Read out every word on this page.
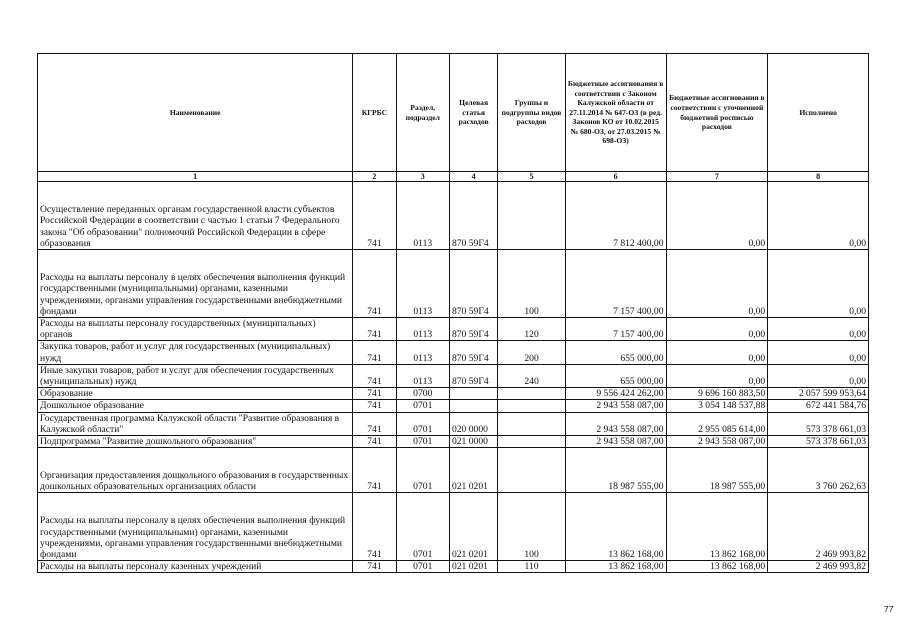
Наименование	КГРБС	Раздел, подраздел	Целевая статья расходов	Группы и подгруппы видов расходов	Бюджетные ассигнования в соответствии с Законом Калужской области от 27.11.2014 № 647-ОЗ (в ред. Законов КО от 10.02.2015 № 680-ОЗ, от 27.03.2015 № 698-ОЗ)	Бюджетные ассигнования в соответствии с уточненной бюджетной росписью расходов	Исполнено
1	2	3	4	5	6	7	8
Осуществление переданных органам государственной власти субъектов Российской Федерации в соответствии с частью 1 статьи 7 Федерального закона "Об образовании" полномочий Российской Федерации в сфере образования	741	0113	870 59Г4		7 812 400,00	0,00	0,00
Расходы на выплаты персоналу в целях обеспечения выполнения функций государственными (муниципальными) органами, казенными учреждениями, органами управления государственными внебюджетными фондами	741	0113	870 59Г4	100	7 157 400,00	0,00	0,00
Расходы на выплаты персоналу государственных (муниципальных) органов	741	0113	870 59Г4	120	7 157 400,00	0,00	0,00
Закупка товаров, работ и услуг для государственных (муниципальных) нужд	741	0113	870 59Г4	200	655 000,00	0,00	0,00
Иные закупки товаров, работ и услуг для обеспечения государственных (муниципальных) нужд	741	0113	870 59Г4	240	655 000,00	0,00	0,00
Образование	741	0700			9 556 424 262,00	9 696 160 883,50	2 057 599 953,64
Дошкольное образование	741	0701			2 943 558 087,00	3 054 148 537,88	672 441 584,76
Государственная программа Калужской области "Развитие образования в Калужской области"	741	0701	020 0000		2 943 558 087,00	2 955 085 614,00	573 378 661,03
Подпрограмма "Развитие дошкольного образования"	741	0701	021 0000		2 943 558 087,00	2 943 558 087,00	573 378 661,03
Организация предоставления дошкольного образования в государственных дошкольных образовательных организациях области	741	0701	021 0201		18 987 555,00	18 987 555,00	3 760 262,63
Расходы на выплаты персоналу в целях обеспечения выполнения функций государственными (муниципальными) органами, казенными учреждениями, органами управления государственными внебюджетными фондами	741	0701	021 0201	100	13 862 168,00	13 862 168,00	2 469 993,82
Расходы на выплаты персоналу казенных учреждений	741	0701	021 0201	110	13 862 168,00	13 862 168,00	2 469 993,82
77
